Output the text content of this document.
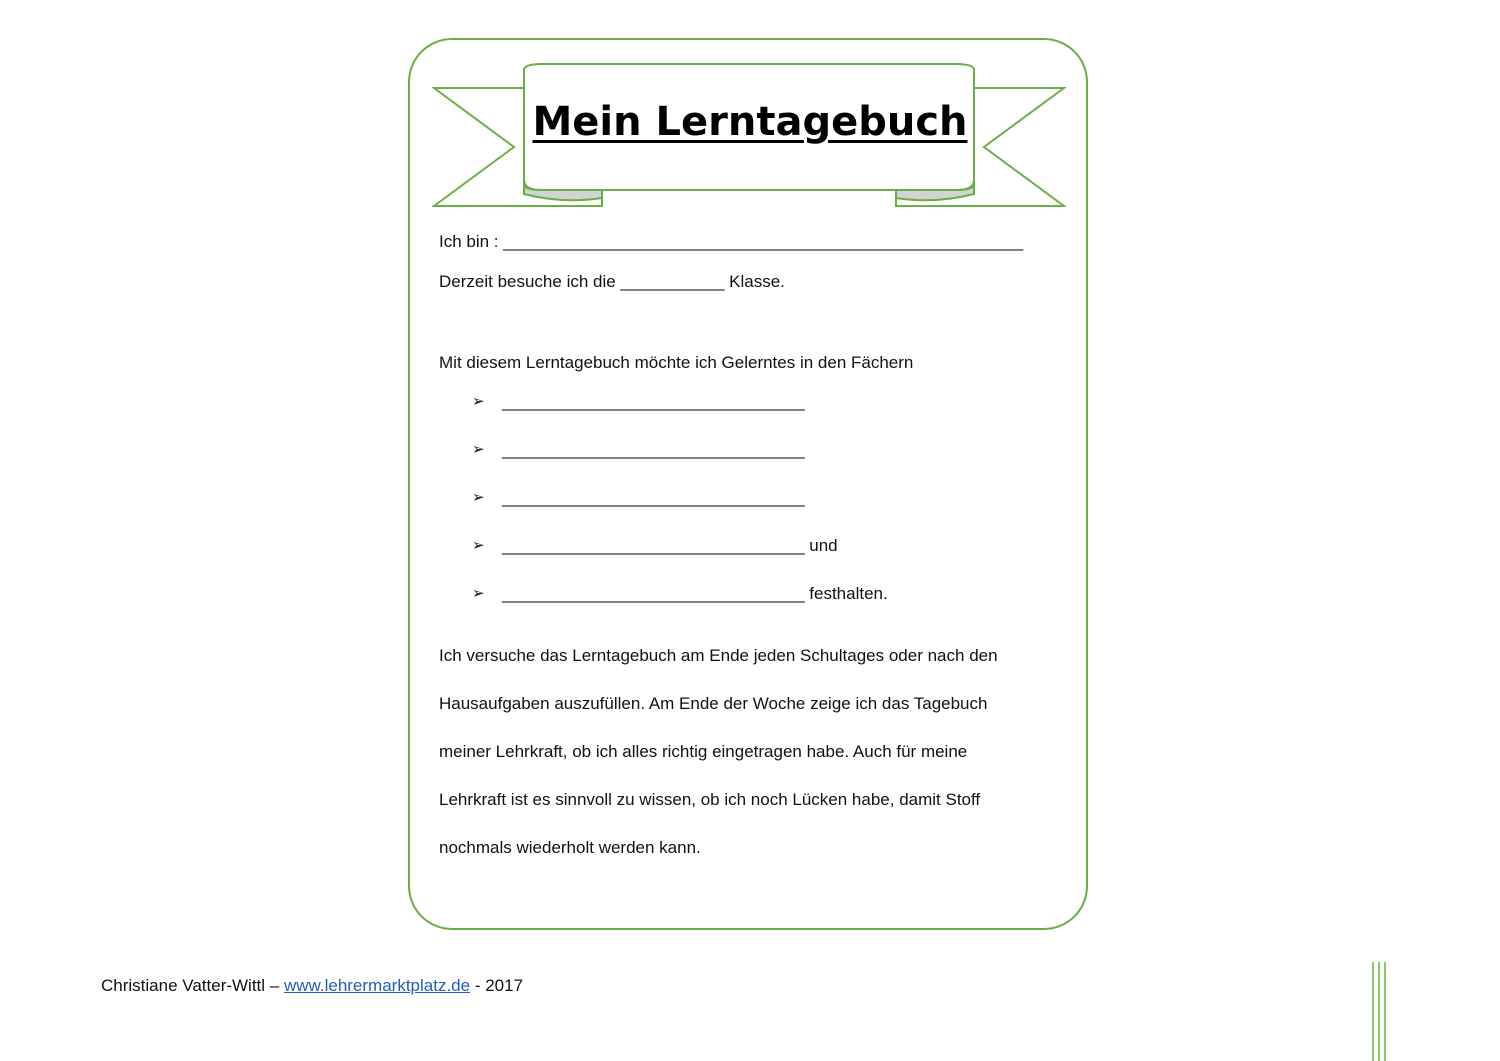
Mein Lerntagebuch
Ich bin : _______________________________________________________
Derzeit besuche ich die ___________ Klasse.
Mit diesem Lerntagebuch möchte ich Gelerntes in den Fächern
➢ ________________________________
➢ ________________________________
➢ ________________________________
➢ ________________________________ und
➢ ________________________________ festhalten.
Ich versuche das Lerntagebuch am Ende jeden Schultages oder nach den
Hausaufgaben auszufüllen. Am Ende der Woche zeige ich das Tagebuch
meiner Lehrkraft, ob ich alles richtig eingetragen habe. Auch für meine
Lehrkraft ist es sinnvoll zu wissen, ob ich noch Lücken habe, damit Stoff
nochmals wiederholt werden kann.
Christiane Vatter-Wittl – www.lehrermarktplatz.de - 2017
